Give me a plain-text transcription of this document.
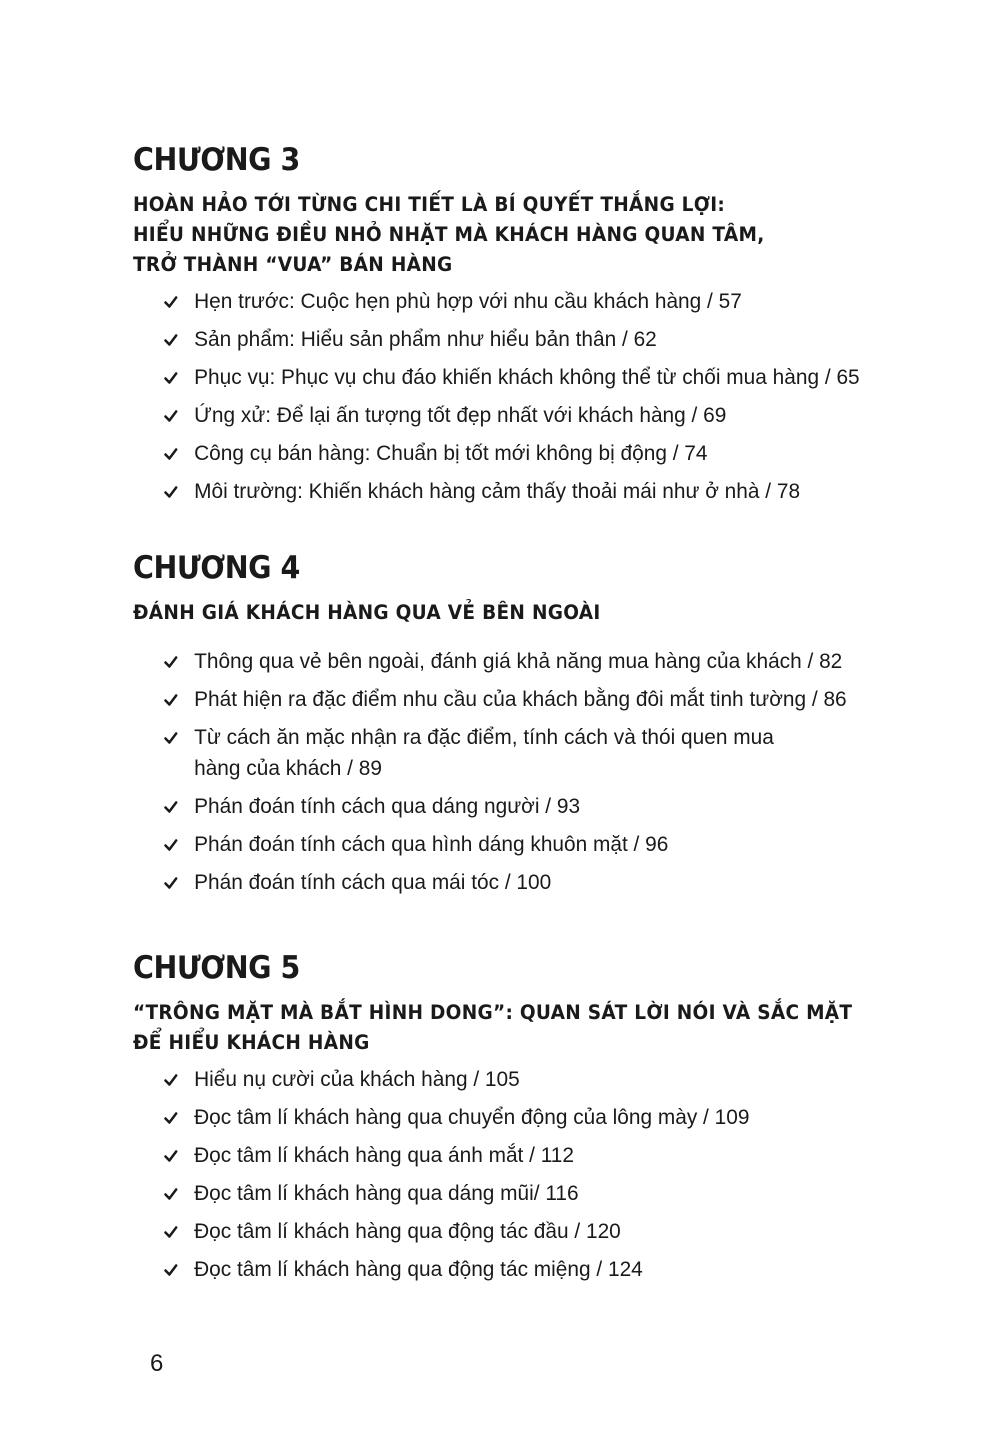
CHƯƠNG 3
HOÀN HẢO TỚI TỪNG CHI TIẾT LÀ BÍ QUYẾT THẮNG LỢI:
HIỂU NHỮNG ĐIỀU NHỎ NHẶT MÀ KHÁCH HÀNG QUAN TÂM,
TRỞ THÀNH “VUA” BÁN HÀNG
Hẹn trước: Cuộc hẹn phù hợp với nhu cầu khách hàng / 57
Sản phẩm: Hiểu sản phẩm như hiểu bản thân / 62
Phục vụ: Phục vụ chu đáo khiến khách không thể từ chối mua hàng / 65
Ứng xử: Để lại ấn tượng tốt đẹp nhất với khách hàng / 69
Công cụ bán hàng: Chuẩn bị tốt mới không bị động / 74
Môi trường: Khiến khách hàng cảm thấy thoải mái như ở nhà / 78
CHƯƠNG 4
ĐÁNH GIÁ KHÁCH HÀNG QUA VẺ BÊN NGOÀI
Thông qua vẻ bên ngoài, đánh giá khả năng mua hàng của khách / 82
Phát hiện ra đặc điểm nhu cầu của khách bằng đôi mắt tinh tường / 86
Từ cách ăn mặc nhận ra đặc điểm, tính cách và thói quen mua hàng của khách / 89
Phán đoán tính cách qua dáng người / 93
Phán đoán tính cách qua hình dáng khuôn mặt / 96
Phán đoán tính cách qua mái tóc / 100
CHƯƠNG 5
“TRÔNG MẶT MÀ BẮT HÌNH DONG”: QUAN SÁT LỜI NÓI VÀ SẮC MẶT
ĐỂ HIỂU KHÁCH HÀNG
Hiểu nụ cười của khách hàng / 105
Đọc tâm lí khách hàng qua chuyển động của lông mày / 109
Đọc tâm lí khách hàng qua ánh mắt / 112
Đọc tâm lí khách hàng qua dáng mũi/ 116
Đọc tâm lí khách hàng qua động tác đầu / 120
Đọc tâm lí khách hàng qua động tác miệng / 124
6
